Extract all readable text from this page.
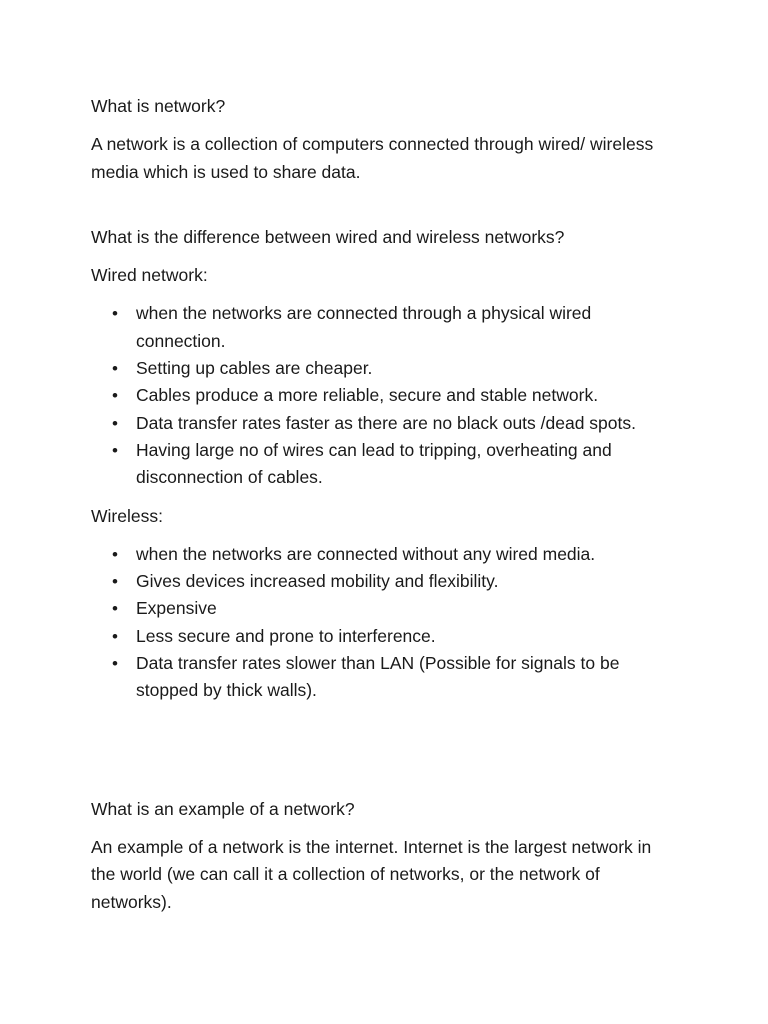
What is network?

A network is a collection of computers connected through wired/ wireless media which is used to share data.

What is the difference between wired and wireless networks?

Wired network:

• when the networks are connected through a physical wired connection.
• Setting up cables are cheaper.
• Cables produce a more reliable, secure and stable network.
• Data transfer rates faster as there are no black outs /dead spots.
• Having large no of wires can lead to tripping, overheating and disconnection of cables.

Wireless:

• when the networks are connected without any wired media.
• Gives devices increased mobility and flexibility.
• Expensive
• Less secure and prone to interference.
• Data transfer rates slower than LAN (Possible for signals to be stopped by thick walls).

What is an example of a network?

An example of a network is the internet. Internet is the largest network in the world (we can call it a collection of networks, or the network of networks).
